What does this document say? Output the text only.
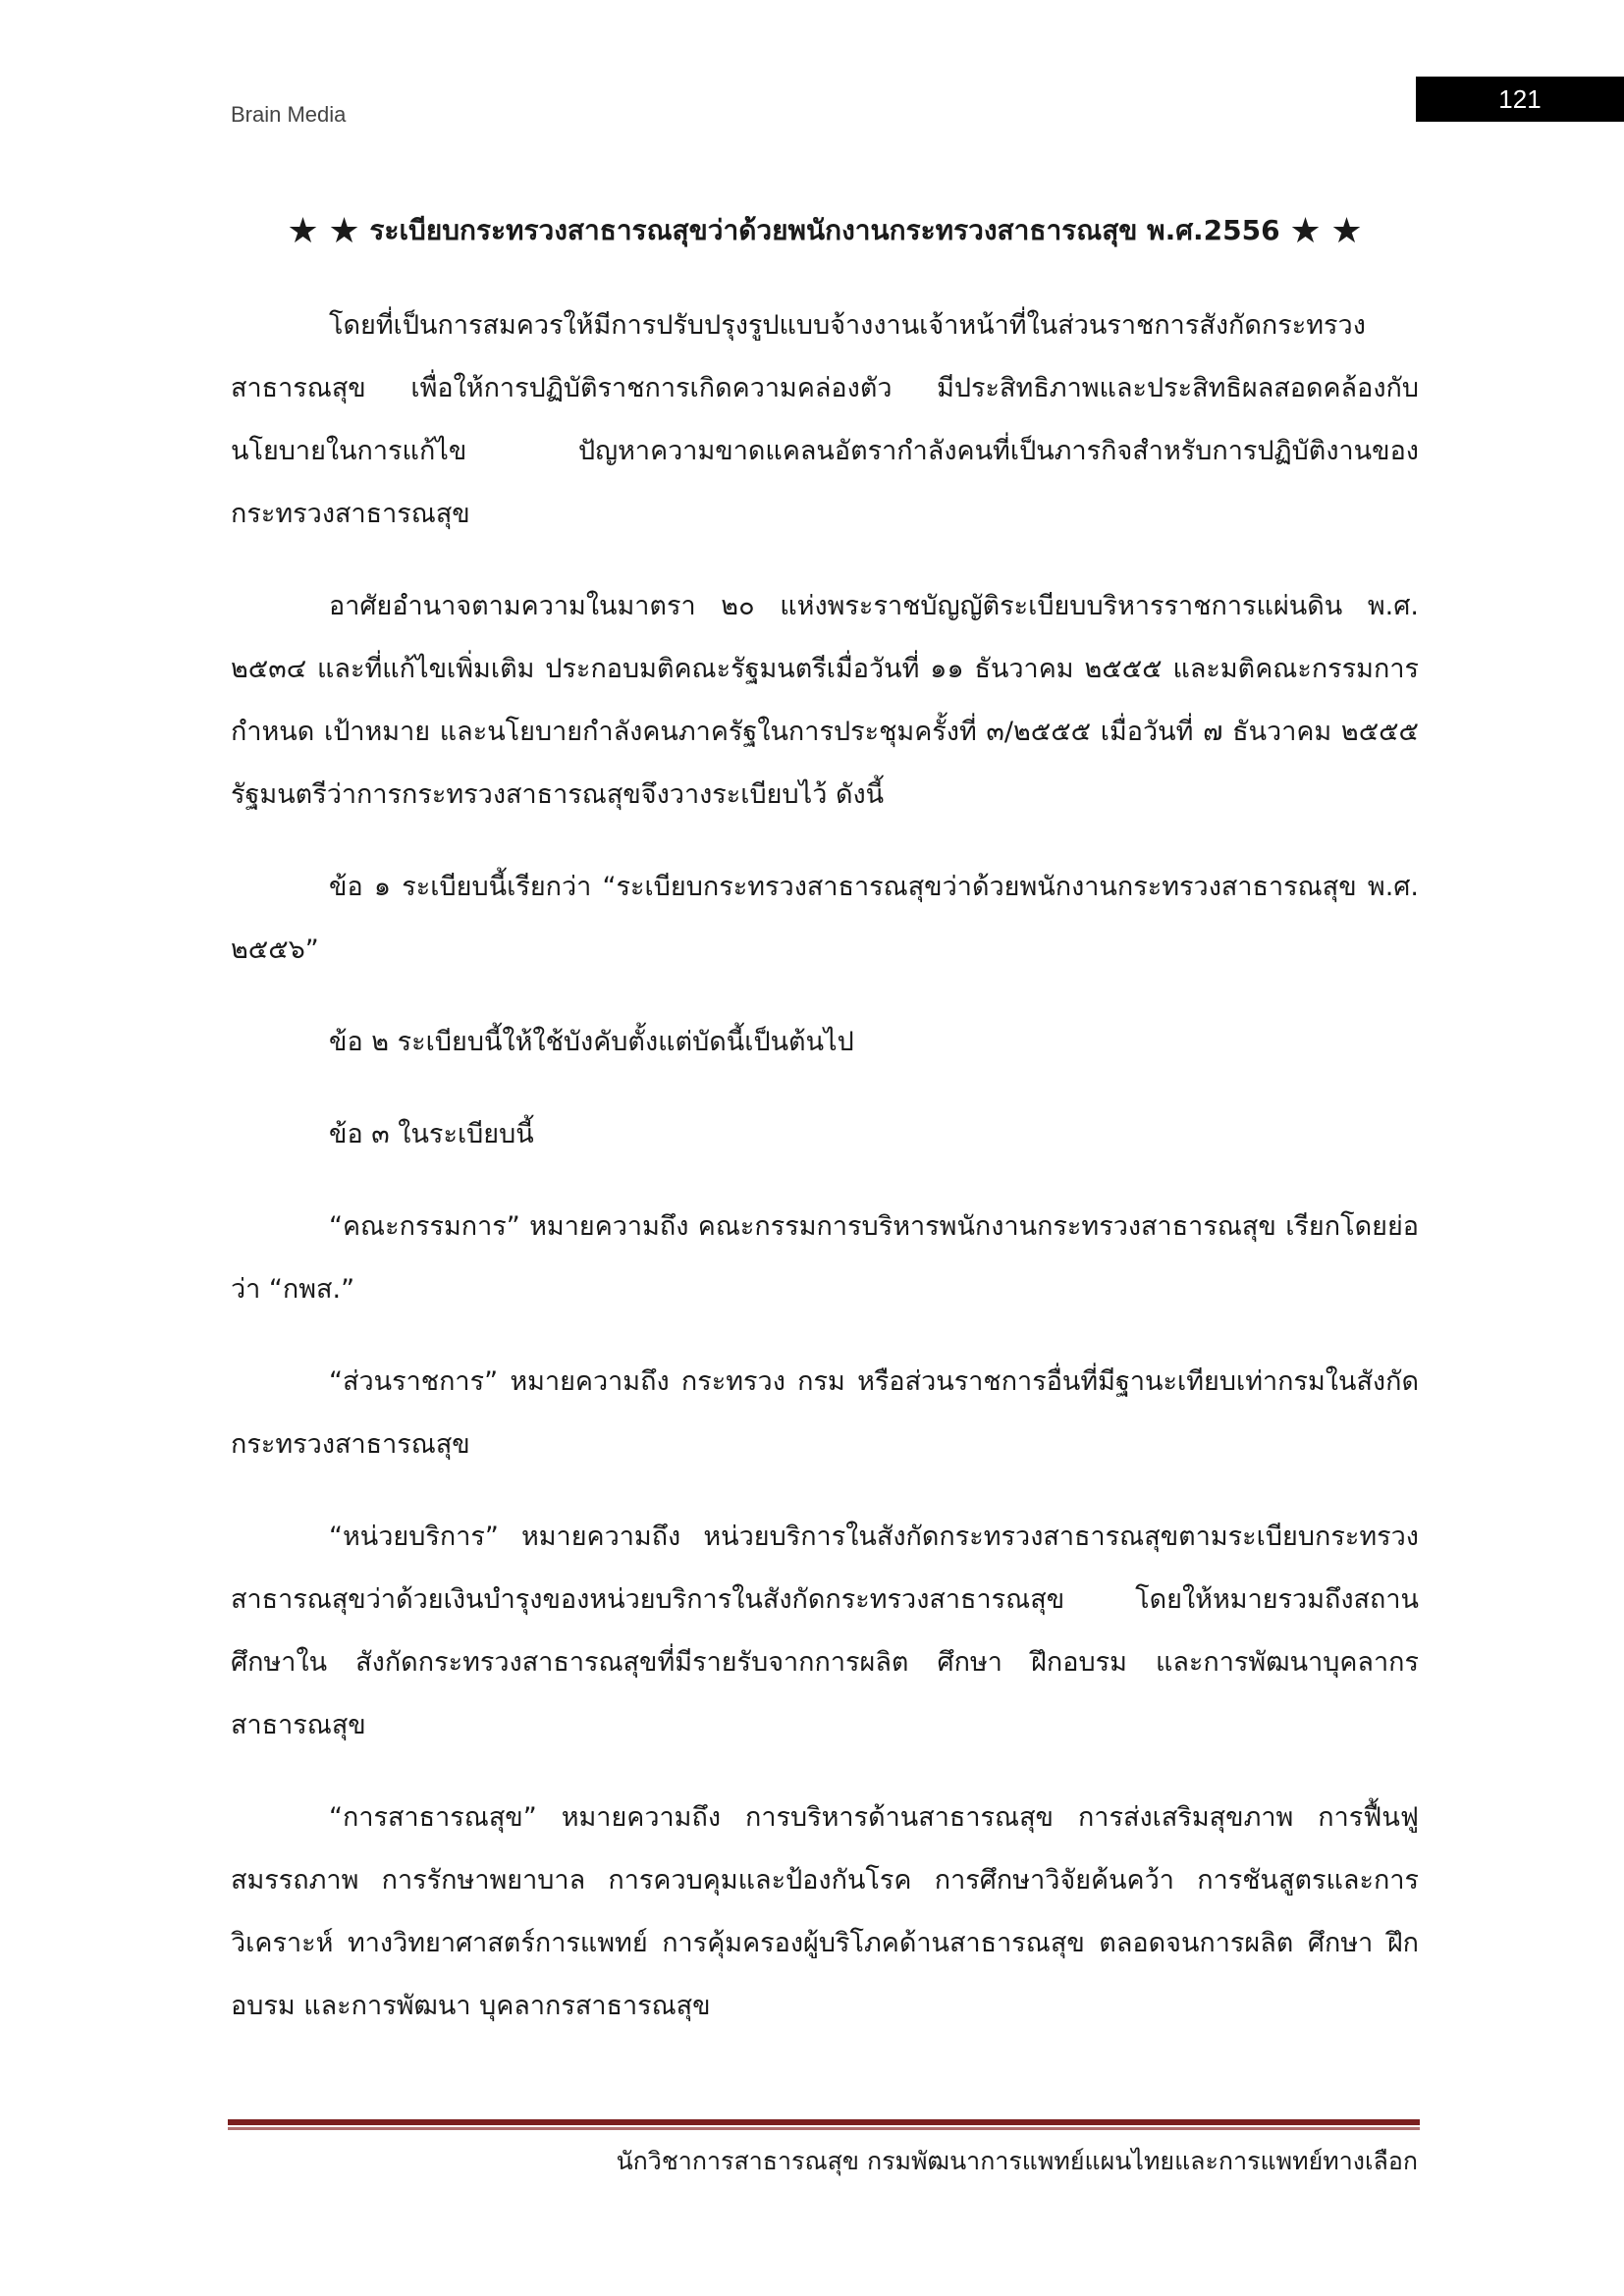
Brain Media
121
★ ★ ระเบียบกระทรวงสาธารณสุขว่าด้วยพนักงานกระทรวงสาธารณสุข พ.ศ.2556 ★ ★

โดยที่เป็นการสมควรให้มีการปรับปรุงรูปแบบจ้างงานเจ้าหน้าที่ในส่วนราชการสังกัดกระทรวงสาธารณสุข เพื่อให้การปฏิบัติราชการเกิดความคล่องตัว มีประสิทธิภาพและประสิทธิผลสอดคล้องกับนโยบายในการแก้ไข ปัญหาความขาดแคลนอัตรากำลังคนที่เป็นภารกิจสำหรับการปฏิบัติงานของกระทรวงสาธารณสุข

อาศัยอำนาจตามความในมาตรา ๒๐ แห่งพระราชบัญญัติระเบียบบริหารราชการแผ่นดิน พ.ศ. ๒๕๓๔ และที่แก้ไขเพิ่มเติม ประกอบมติคณะรัฐมนตรีเมื่อวันที่ ๑๑ ธันวาคม ๒๕๕๕ และมติคณะกรรมการกำหนด เป้าหมาย และนโยบายกำลังคนภาครัฐในการประชุมครั้งที่ ๓/๒๕๕๕ เมื่อวันที่ ๗ ธันวาคม ๒๕๕๕ รัฐมนตรีว่าการกระทรวงสาธารณสุขจึงวางระเบียบไว้ ดังนี้

ข้อ ๑ ระเบียบนี้เรียกว่า “ระเบียบกระทรวงสาธารณสุขว่าด้วยพนักงานกระทรวงสาธารณสุข พ.ศ. ๒๕๕๖”

ข้อ ๒ ระเบียบนี้ให้ใช้บังคับตั้งแต่บัดนี้เป็นต้นไป

ข้อ ๓ ในระเบียบนี้

“คณะกรรมการ” หมายความถึง คณะกรรมการบริหารพนักงานกระทรวงสาธารณสุข เรียกโดยย่อว่า “กพส.”

“ส่วนราชการ” หมายความถึง กระทรวง กรม หรือส่วนราชการอื่นที่มีฐานะเทียบเท่ากรมในสังกัดกระทรวงสาธารณสุข

“หน่วยบริการ” หมายความถึง หน่วยบริการในสังกัดกระทรวงสาธารณสุขตามระเบียบกระทรวงสาธารณสุขว่าด้วยเงินบำรุงของหน่วยบริการในสังกัดกระทรวงสาธารณสุข โดยให้หมายรวมถึงสถานศึกษาใน สังกัดกระทรวงสาธารณสุขที่มีรายรับจากการผลิต ศึกษา ฝึกอบรม และการพัฒนาบุคลากรสาธารณสุข

“การสาธารณสุข” หมายความถึง การบริหารด้านสาธารณสุข การส่งเสริมสุขภาพ การฟื้นฟูสมรรถภาพ การรักษาพยาบาล การควบคุมและป้องกันโรค การศึกษาวิจัยค้นคว้า การชันสูตรและการวิเคราะห์ ทางวิทยาศาสตร์การแพทย์ การคุ้มครองผู้บริโภคด้านสาธารณสุข ตลอดจนการผลิต ศึกษา ฝึกอบรม และการพัฒนา บุคลากรสาธารณสุข

นักวิชาการสาธารณสุข กรมพัฒนาการแพทย์แผนไทยและการแพทย์ทางเลือก
